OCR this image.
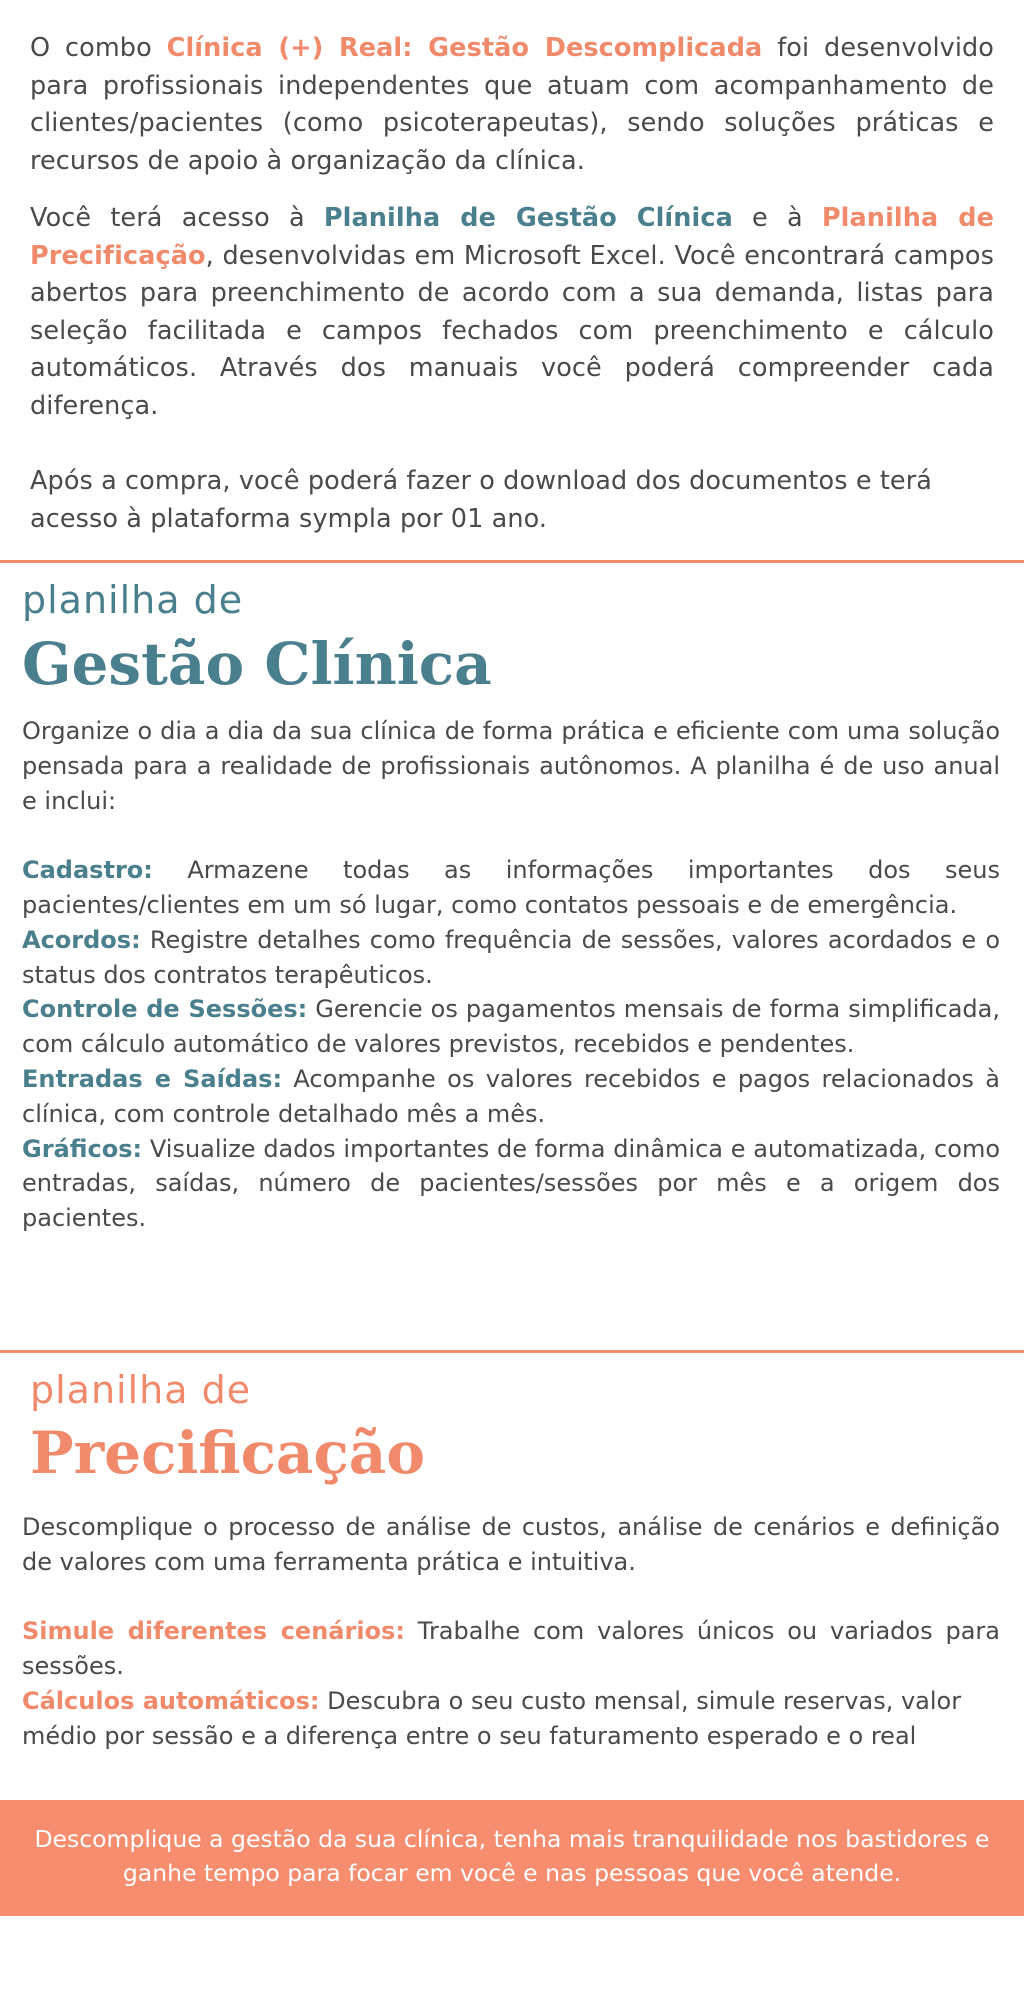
O combo Clínica (+) Real: Gestão Descomplicada foi desenvolvido para profissionais independentes que atuam com acompanhamento de clientes/pacientes (como psicoterapeutas), sendo soluções práticas e recursos de apoio à organização da clínica.

Você terá acesso à Planilha de Gestão Clínica e à Planilha de Precificação, desenvolvidas em Microsoft Excel. Você encontrará campos abertos para preenchimento de acordo com a sua demanda, listas para seleção facilitada e campos fechados com preenchimento e cálculo automáticos. Através dos manuais você poderá compreender cada diferença.

Após a compra, você poderá fazer o download dos documentos e terá acesso à plataforma sympla por 01 ano.

planilha de
Gestão Clínica

Organize o dia a dia da sua clínica de forma prática e eficiente com uma solução pensada para a realidade de profissionais autônomos. A planilha é de uso anual e inclui:

Cadastro: Armazene todas as informações importantes dos seus pacientes/clientes em um só lugar, como contatos pessoais e de emergência.

Acordos: Registre detalhes como frequência de sessões, valores acordados e o status dos contratos terapêuticos.

Controle de Sessões: Gerencie os pagamentos mensais de forma simplificada, com cálculo automático de valores previstos, recebidos e pendentes.

Entradas e Saídas: Acompanhe os valores recebidos e pagos relacionados à clínica, com controle detalhado mês a mês.

Gráficos: Visualize dados importantes de forma dinâmica e automatizada, como entradas, saídas, número de pacientes/sessões por mês e a origem dos pacientes.

planilha de
Precificação

Descomplique o processo de análise de custos, análise de cenários e definição de valores com uma ferramenta prática e intuitiva.

Simule diferentes cenários: Trabalhe com valores únicos ou variados para sessões.

Cálculos automáticos: Descubra o seu custo mensal, simule reservas, valor médio por sessão e a diferença entre o seu faturamento esperado e o real

Descomplique a gestão da sua clínica, tenha mais tranquilidade nos bastidores e ganhe tempo para focar em você e nas pessoas que você atende.
